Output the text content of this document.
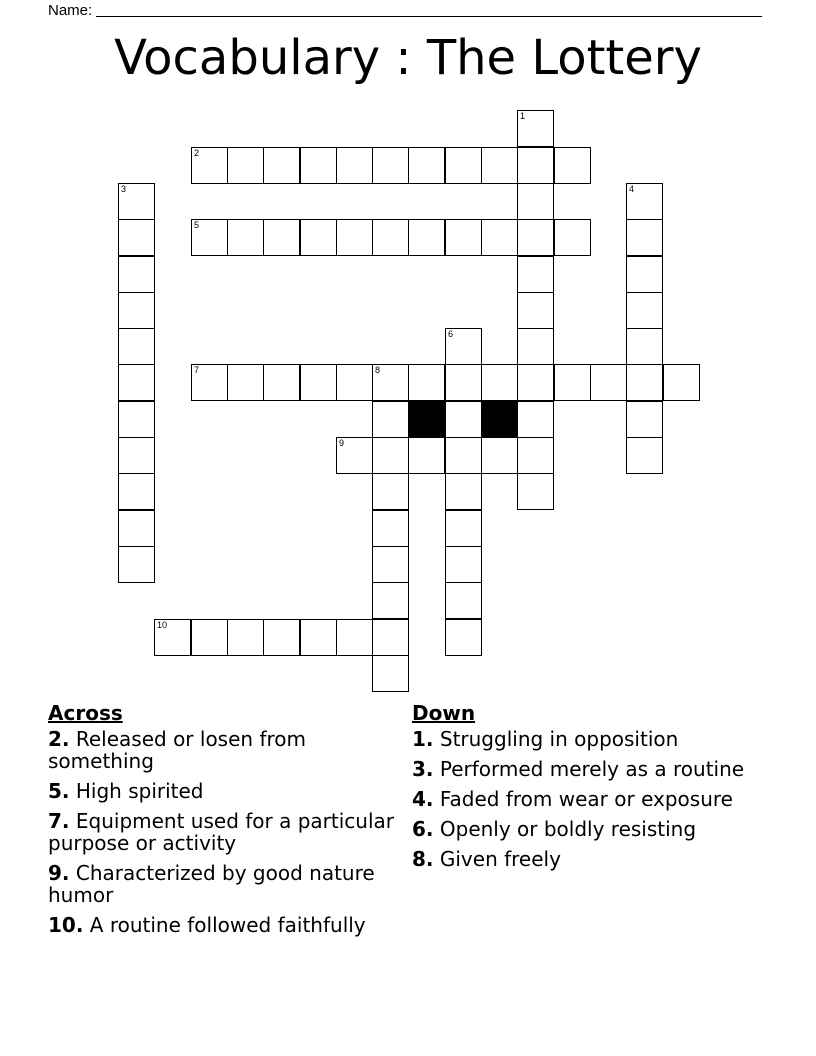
Name:
Vocabulary : The Lottery
1
2
3	4
5
6
7	8
9
10
Across
2. Released or losen from something
5. High spirited
7. Equipment used for a particular purpose or activity
9. Characterized by good nature humor
10. A routine followed faithfully
Down
1. Struggling in opposition
3. Performed merely as a routine
4. Faded from wear or exposure
6. Openly or boldly resisting
8. Given freely
